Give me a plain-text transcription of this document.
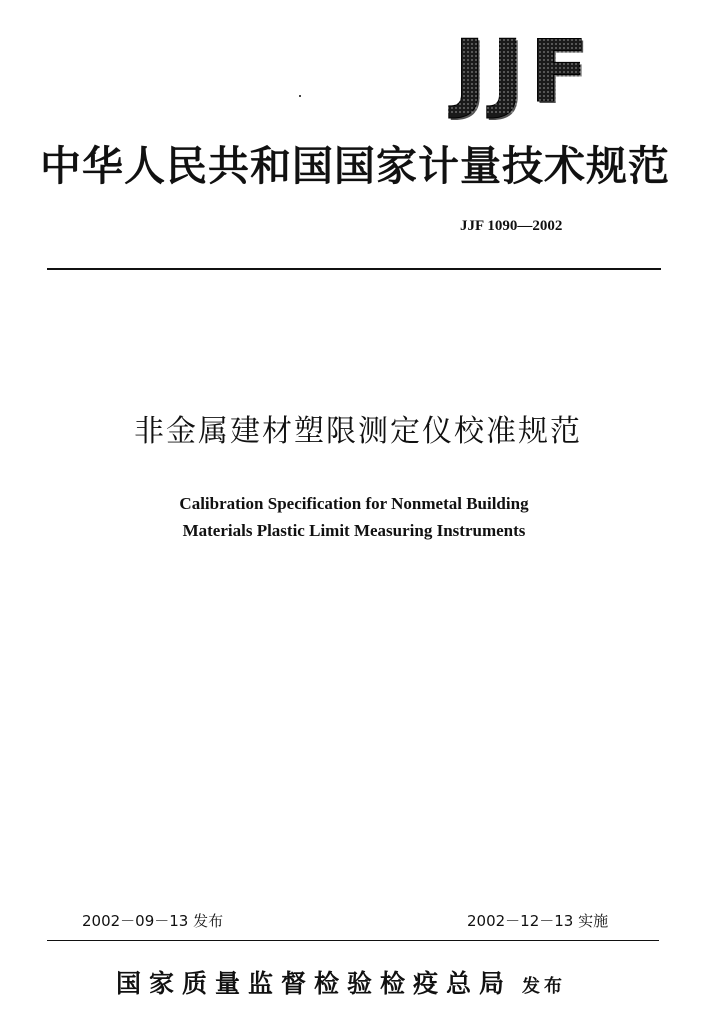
JJF
中华人民共和国国家计量技术规范
JJF 1090—2002
非金属建材塑限测定仪校准规范
Calibration Specification for Nonmetal Building
Materials Plastic Limit Measuring Instruments
2002－09－13 发布	2002－12－13 实施
国家质量监督检验检疫总局 发布
